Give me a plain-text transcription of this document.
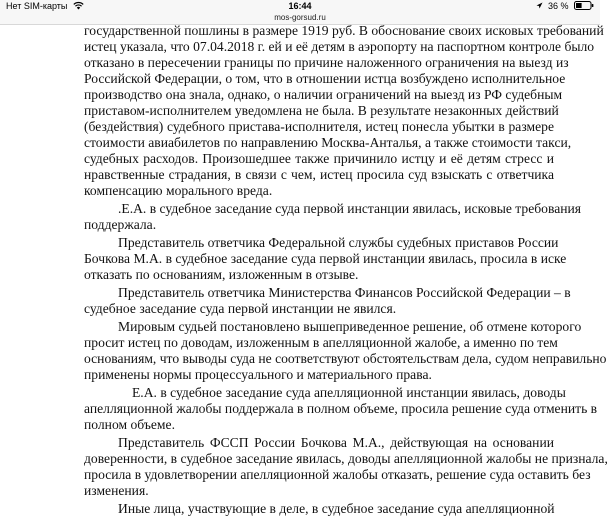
Нет SIM-карты	16:44	36 %
mos-gorsud.ru
государственной пошлины в размере 1919 руб. В обоснование своих исковых требований
истец указала, что 07.04.2018 г. ей и её детям в аэропорту на паспортном контроле было
отказано в пересечении границы по причине наложенного ограничения на выезд из
Российской Федерации, о том, что в отношении истца возбуждено исполнительное
производство она знала, однако, о наличии ограничений на выезд из РФ судебным
приставом-исполнителем уведомлена не была. В результате незаконных действий
(бездействия) судебного пристава-исполнителя, истец понесла убытки в размере
стоимости авиабилетов по направлению Москва-Анталья, а также стоимости такси,
судебных расходов. Произошедшее также причинило истцу и её детям стресс и
нравственные страдания, в связи с чем, истец просила суд взыскать с ответчика
компенсацию морального вреда.
.Е.А. в судебное заседание суда первой инстанции явилась, исковые требования
поддержала.
Представитель ответчика Федеральной службы судебных приставов России
Бочкова М.А. в судебное заседание суда первой инстанции явилась, просила в иске
отказать по основаниям, изложенным в отзыве.
Представитель ответчика Министерства Финансов Российской Федерации – в
судебное заседание суда первой инстанции не явился.
Мировым судьей постановлено вышеприведенное решение, об отмене которого
просит истец по доводам, изложенным в апелляционной жалобе, а именно по тем
основаниям, что выводы суда не соответствуют обстоятельствам дела, судом неправильно
применены нормы процессуального и материального права.
Е.А. в судебное заседание суда апелляционной инстанции явилась, доводы
апелляционной жалобы поддержала в полном объеме, просила решение суда отменить в
полном объеме.
Представитель ФССП России Бочкова М.А., действующая на основании
доверенности, в судебное заседание явилась, доводы апелляционной жалобы не признала,
просила в удовлетворении апелляционной жалобы отказать, решение суда оставить без
изменения.
Иные лица, участвующие в деле, в судебное заседание суда апелляционной
